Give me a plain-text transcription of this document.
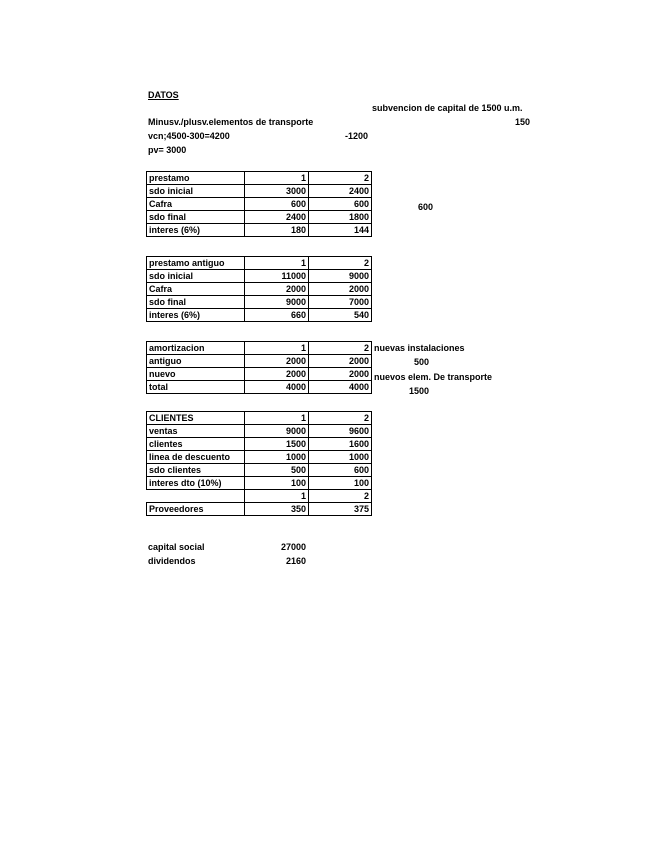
DATOS
subvencion de capital de 1500 u.m.
Minusv./plusv.elementos de transporte	150
vcn;4500-300=4200	-1200
pv= 3000
prestamo	1	2
sdo inicial	3000	2400
Cafra	600	600
sdo final	2400	1800
interes (6%)	180	144
600
prestamo antiguo	1	2
sdo inicial	11000	9000
Cafra	2000	2000
sdo final	9000	7000
interes (6%)	660	540
amortizacion	1	2
antiguo	2000	2000
nuevo	2000	2000
total	4000	4000
nuevas instalaciones
500
nuevos elem. De transporte
1500
CLIENTES	1	2
ventas	9000	9600
clientes	1500	1600
linea de descuento	1000	1000
sdo clientes	500	600
interes dto (10%)	100	100
	1	2
Proveedores	350	375
capital social	27000
dividendos	2160
